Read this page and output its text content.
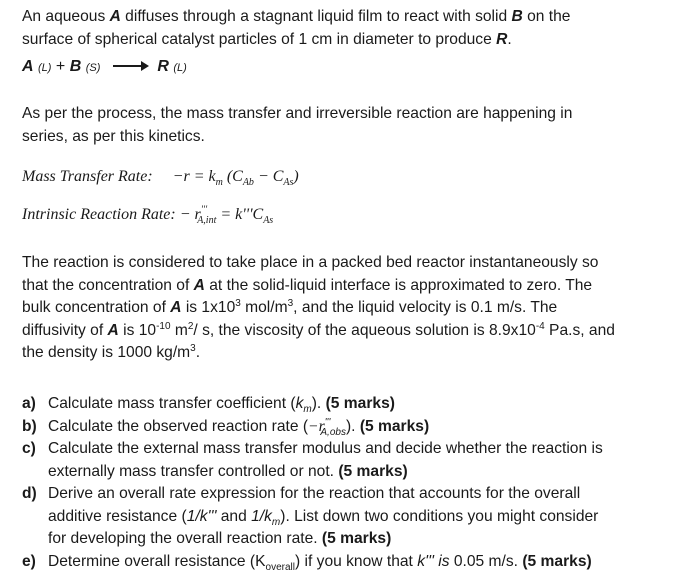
An aqueous A diffuses through a stagnant liquid film to react with solid B on the
surface of spherical catalyst particles of 1 cm in diameter to produce R.
A (L) + B (S) → R (L)
As per the process, the mass transfer and irreversible reaction are happening in
series, as per this kinetics.
Mass Transfer Rate: $-r = k_m$ $(C_{Ab} - C_{As})$
Intrinsic Reaction Rate: − $r'''_{A,int} = k'''C_{As}$
The reaction is considered to take place in a packed bed reactor instantaneously so
that the concentration of A at the solid-liquid interface is approximated to zero. The
bulk concentration of A is $1x10^3$ mol/$m^3$, and the liquid velocity is 0.1 m/s. The
diffusivity of A is $10^{-10}$ $m^2/$ s, the viscosity of the aqueous solution is $8.9x10^{-4}$ Pa.s, and
the density is 1000 $kg/m^3$.
a) Calculate mass transfer coefficient $(k_m)$. (5 marks)
b) Calculate the observed reaction rate $(-r'''_{A,obs})$. (5 marks)
c) Calculate the external mass transfer modulus and decide whether the reaction is
externally mass transfer controlled or not. (5 marks)
d) Derive an overall rate expression for the reaction that accounts for the overall
additive resistance (1/k''' and $1/k_m$). List down two conditions you might consider
for developing the overall reaction rate. (5 marks)
e) Determine overall resistance $(K_{overall})$ if you know that k''' is 0.05 m/s. (5 marks)
